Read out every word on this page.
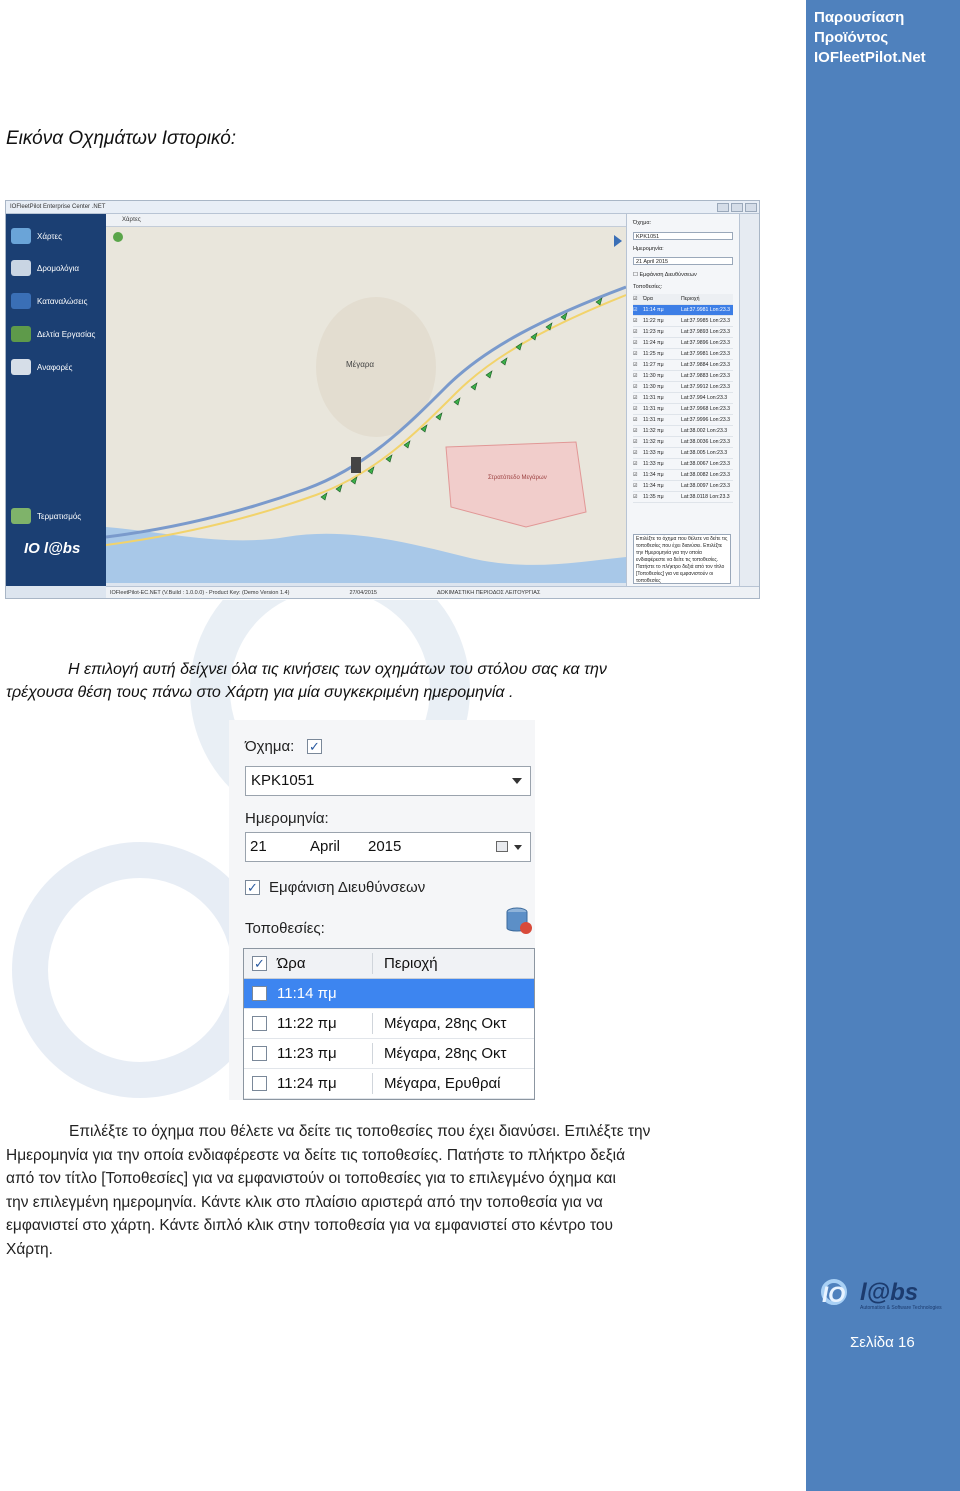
Παρουσίαση
Προϊόντος
IOFleetPilot.Net
IO l@bs
Automation & Software Technologies
Σελίδα 16
Εικόνα Οχημάτων Ιστορικό:
IOFleetPilot Enterprise Center .NET
Χάρτες
Δρομολόγια
Καταναλώσεις
Δελτία Εργασίας
Αναφορές
Τερματισμός
IO l@bs
Χάρτες
Μέγαρα
Στρατόπεδο Μεγάρων
Όχημα:
KPK1051
Ημερομηνία:
21 April 2015
☐ Εμφάνιση Διευθύνσεων
Τοποθεσίες:
☑	Ώρα	Περιοχή
☑	11:14 πμ	Lat:37.9981 Lon:23.3
☑	11:22 πμ	Lat:37.9985 Lon:23.3
☑	11:23 πμ	Lat:37.9893 Lon:23.3
☑	11:24 πμ	Lat:37.9896 Lon:23.3
☑	11:25 πμ	Lat:37.9981 Lon:23.3
☑	11:27 πμ	Lat:37.9884 Lon:23.3
☑	11:30 πμ	Lat:37.9883 Lon:23.3
☑	11:30 πμ	Lat:37.9912 Lon:23.3
☑	11:31 πμ	Lat:37.994 Lon:23.3
☑	11:31 πμ	Lat:37.9968 Lon:23.3
☑	11:31 πμ	Lat:37.9996 Lon:23.3
☑	11:32 πμ	Lat:38.002 Lon:23.3
☑	11:32 πμ	Lat:38.0036 Lon:23.3
☑	11:33 πμ	Lat:38.005 Lon:23.3
☑	11:33 πμ	Lat:38.0067 Lon:23.3
☑	11:34 πμ	Lat:38.0082 Lon:23.3
☑	11:34 πμ	Lat:38.0097 Lon:23.3
☑	11:35 πμ	Lat:38.0118 Lon:23.3
Επιλέξτε το όχημα που θέλετε να δείτε τις τοποθεσίες που έχει διανύσει. Επιλέξτε την Ημερομηνία για την οποία ενδιαφέρεστε να δείτε τις τοποθεσίες. Πατήστε το πλήκτρο δεξιά από τον τίτλο [Τοποθεσίες] για να εμφανιστούν οι τοποθεσίες
IOFleetPilot-EC.NET (V.Build : 1.0.0.0) - Product Key: (Demo Version 1.4)	27/04/2015	ΔΟΚΙΜΑΣΤΙΚΗ ΠΕΡΙΟΔΟΣ ΛΕΙΤΟΥΡΓΙΑΣ
Η επιλογή αυτή δείχνει όλα τις κινήσεις των οχημάτων του στόλου σας κα την
τρέχουσα θέση τους πάνω στο Χάρτη για μία συγκεκριμένη ημερομηνία .
Όχημα: ✓
KPK1051
Ημερομηνία:
21	April 2015
✓ Εμφάνιση Διευθύνσεων
Τοποθεσίες:
✓ Ώρα	Περιοχή
11:14 πμ
11:22 πμ	Μέγαρα, 28ης Οκτ
11:23 πμ	Μέγαρα, 28ης Οκτ
11:24 πμ	Μέγαρα, Ερυθραί
Επιλέξτε το όχημα που θέλετε να δείτε τις τοποθεσίες που έχει διανύσει. Επιλέξτε την
Ημερομηνία για την οποία ενδιαφέρεστε να δείτε τις τοποθεσίες. Πατήστε το πλήκτρο δεξιά
από τον τίτλο [Τοποθεσίες] για να εμφανιστούν οι τοποθεσίες για το επιλεγμένο όχημα και
την επιλεγμένη ημερομηνία. Κάντε κλικ στο πλαίσιο αριστερά από την τοποθεσία για να
εμφανιστεί στο χάρτη. Κάντε διπλό κλικ στην τοποθεσία για να εμφανιστεί στο κέντρο του
Χάρτη.
